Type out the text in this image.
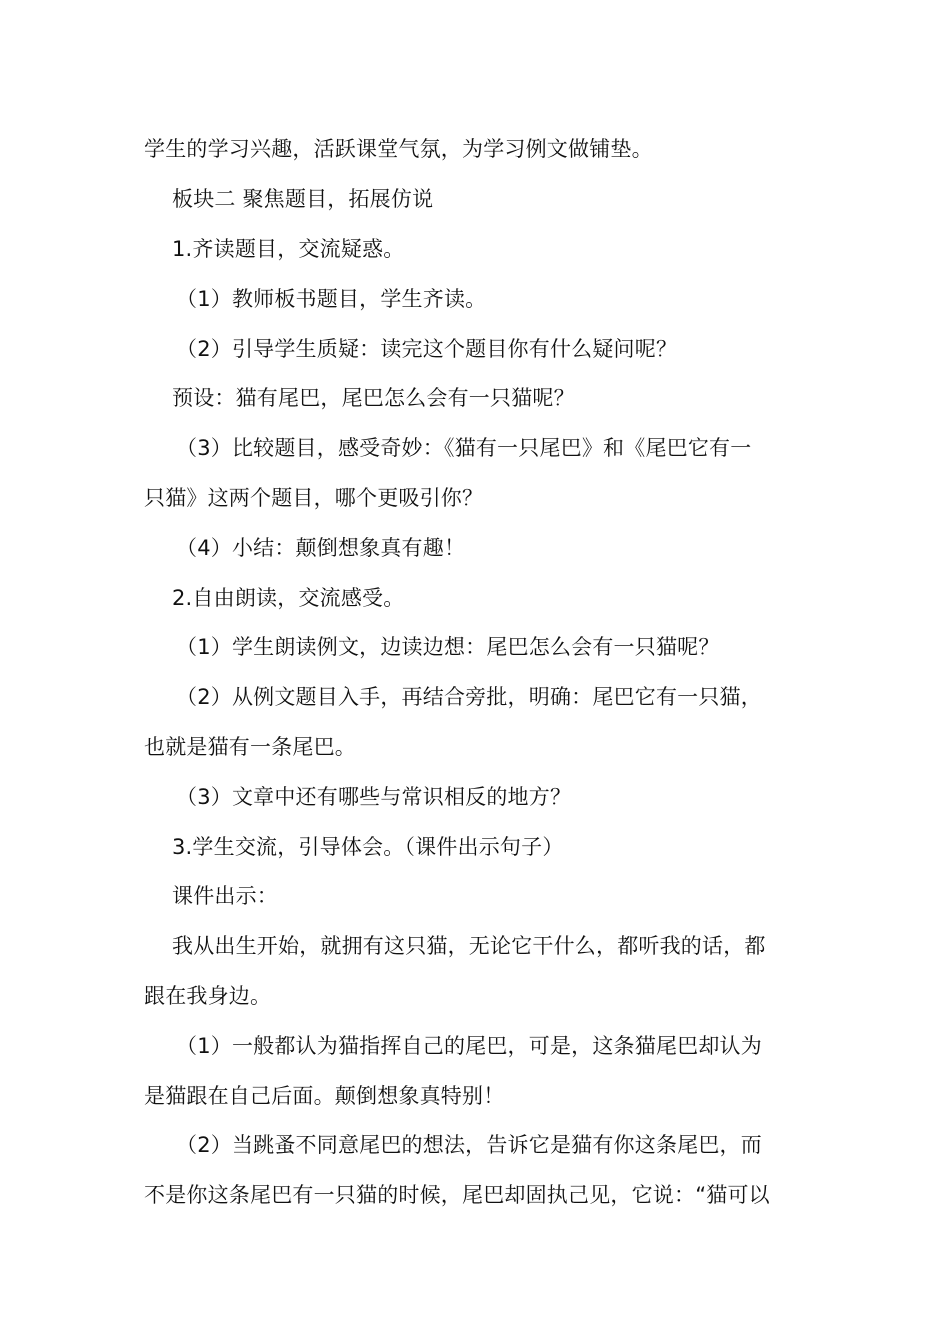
学生的学习兴趣，活跃课堂气氛，为学习例文做铺垫。
板块二 聚焦题目，拓展仿说
1.齐读题目，交流疑惑。
（1）教师板书题目，学生齐读。
（2）引导学生质疑：读完这个题目你有什么疑问呢？
预设：猫有尾巴，尾巴怎么会有一只猫呢？
（3）比较题目，感受奇妙：《猫有一只尾巴》和《尾巴它有一
只猫》这两个题目，哪个更吸引你？
（4）小结：颠倒想象真有趣！
2.自由朗读，交流感受。
（1）学生朗读例文，边读边想：尾巴怎么会有一只猫呢？
（2）从例文题目入手，再结合旁批，明确：尾巴它有一只猫，
也就是猫有一条尾巴。
（3）文章中还有哪些与常识相反的地方？
3.学生交流，引导体会。（课件出示句子）
课件出示：
我从出生开始，就拥有这只猫，无论它干什么，都听我的话，都
跟在我身边。
（1）一般都认为猫指挥自己的尾巴，可是，这条猫尾巴却认为
是猫跟在自己后面。颠倒想象真特别！
（2）当跳蚤不同意尾巴的想法，告诉它是猫有你这条尾巴，而
不是你这条尾巴有一只猫的时候，尾巴却固执己见，它说：“猫可以
